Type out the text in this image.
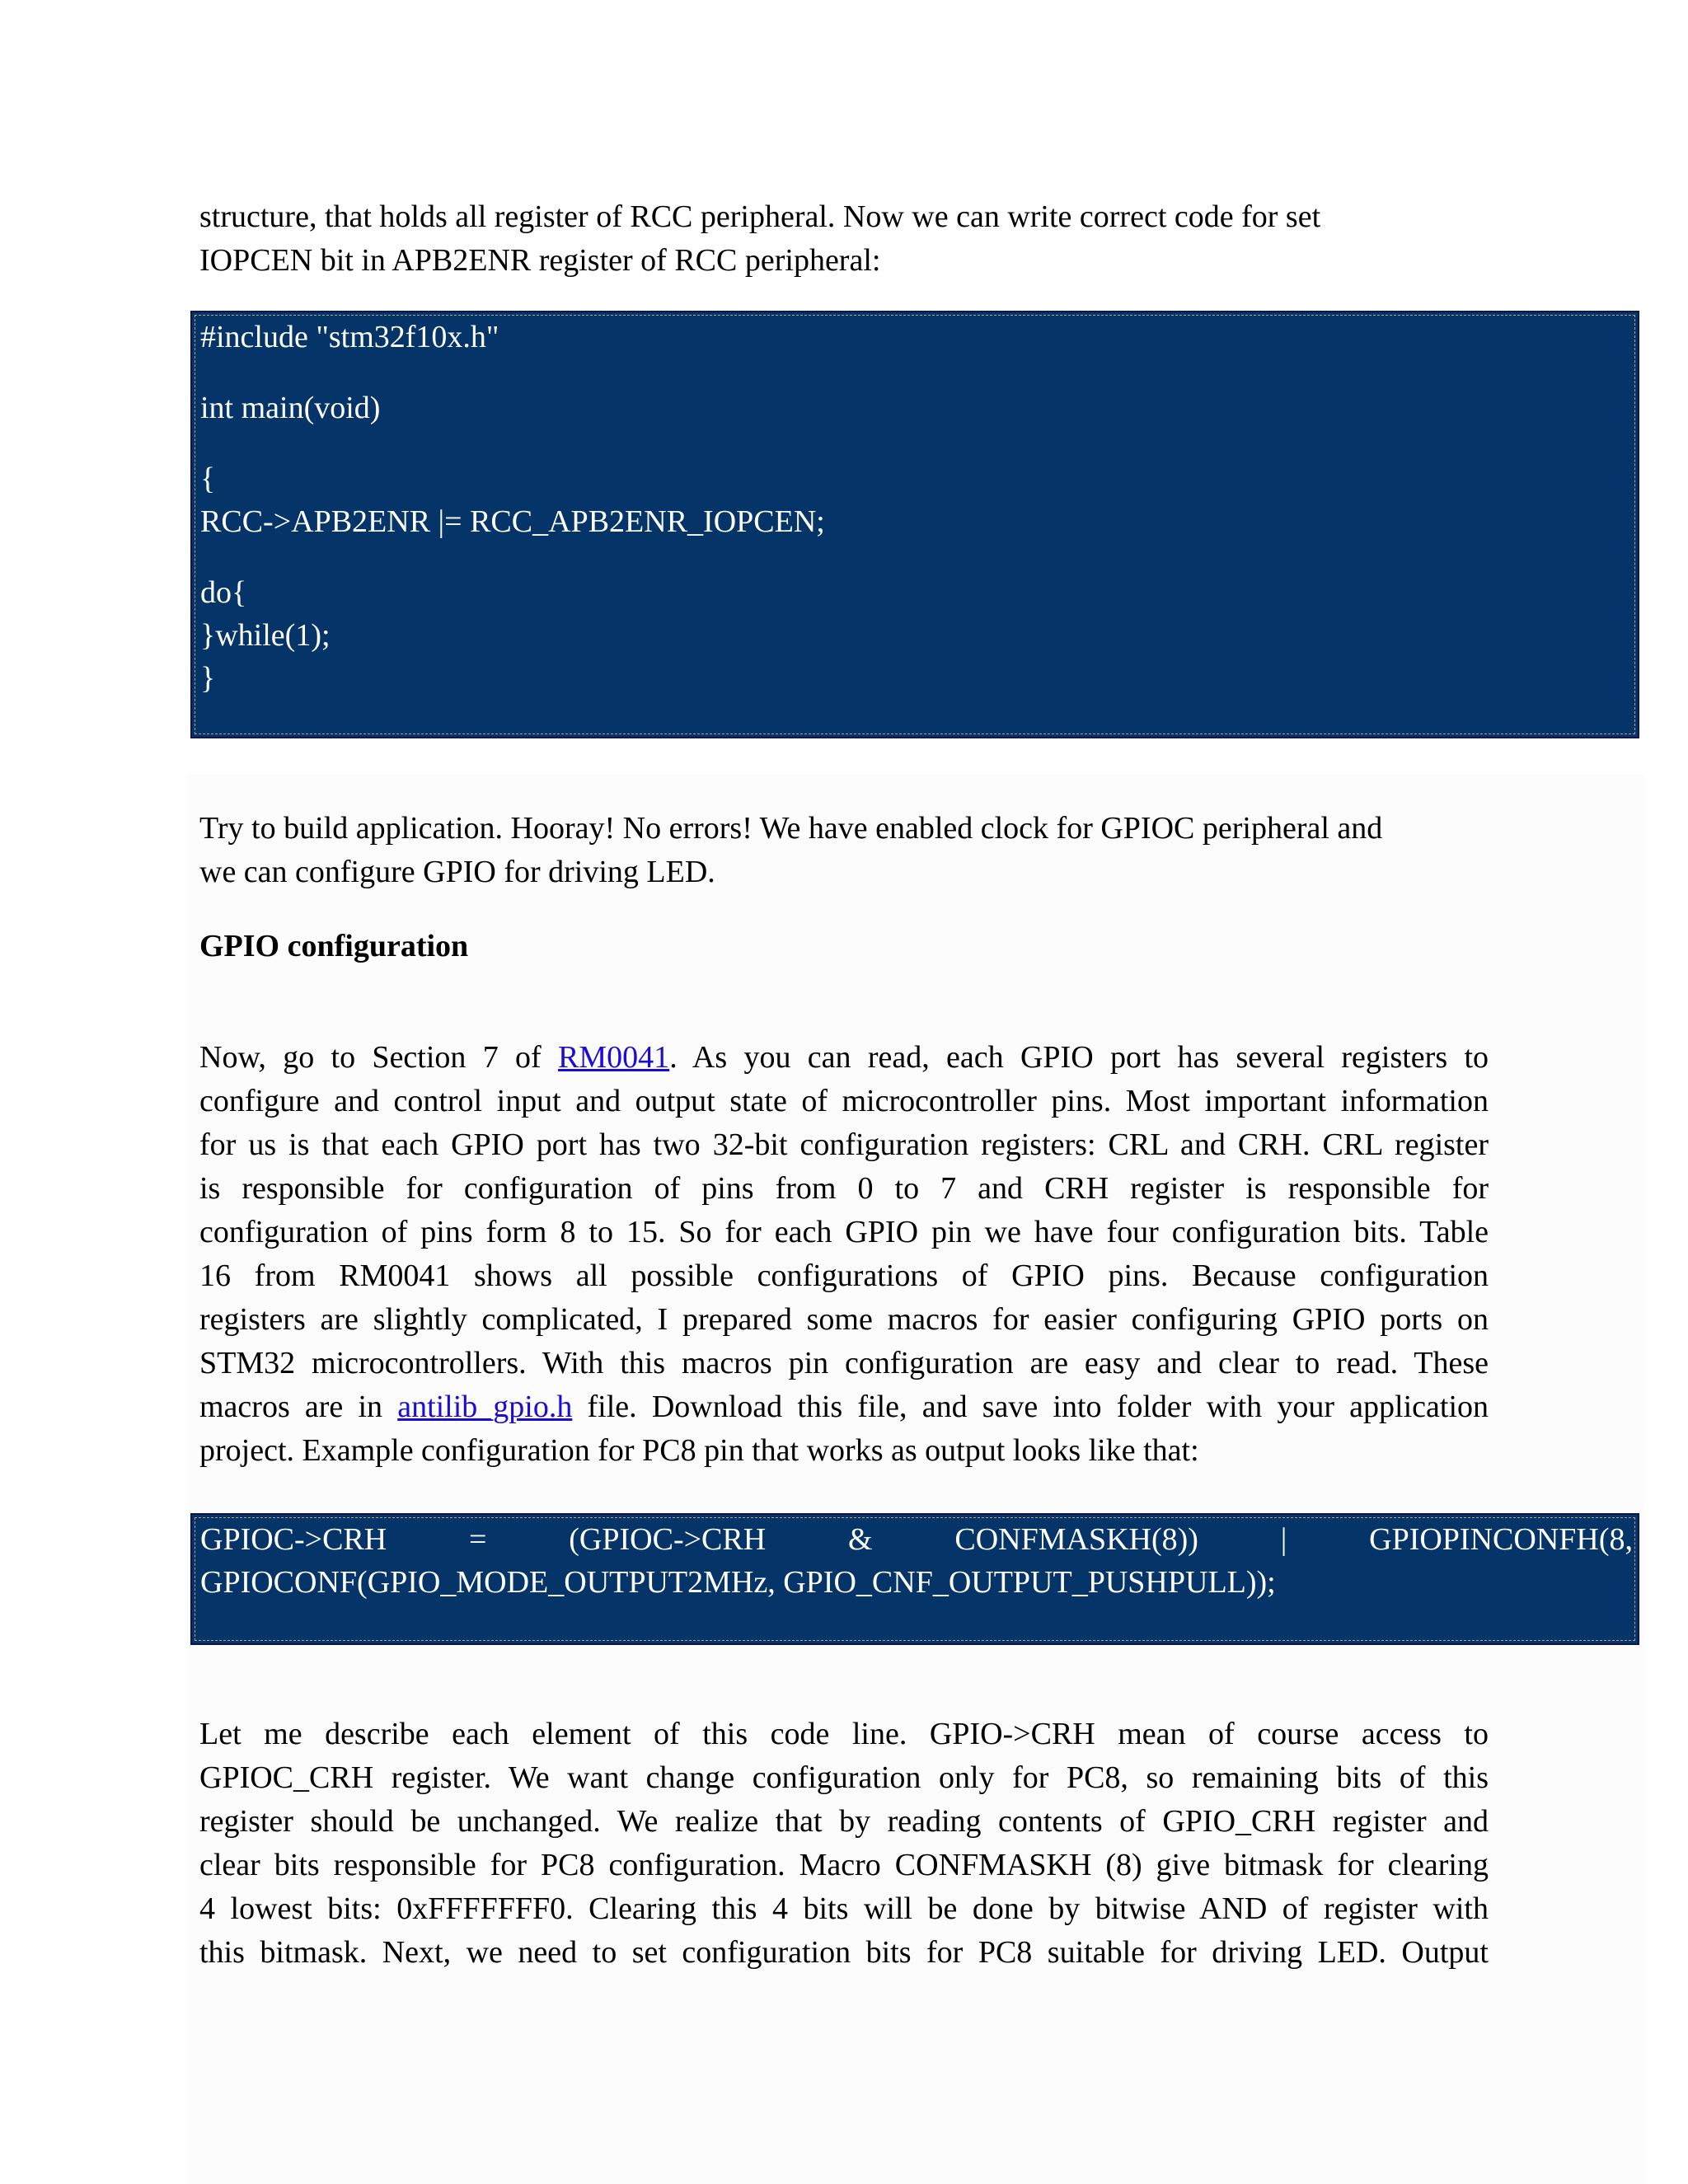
structure, that holds all register of RCC peripheral. Now we can write correct code for set
IOPCEN bit in APB2ENR register of RCC peripheral:

#include "stm32f10x.h"
int main(void)
{
RCC->APB2ENR |= RCC_APB2ENR_IOPCEN;
do{
}while(1);
}

Try to build application. Hooray! No errors! We have enabled clock for GPIOC peripheral and
we can configure GPIO for driving LED.

GPIO configuration
Now, go to Section 7 of RM0041. As you can read, each GPIO port has several registers to
configure and control input and output state of microcontroller pins. Most important information
for us is that each GPIO port has two 32-bit configuration registers: CRL and CRH. CRL register
is responsible for configuration of pins from 0 to 7 and CRH register is responsible for
configuration of pins form 8 to 15. So for each GPIO pin we have four configuration bits. Table
16 from RM0041 shows all possible configurations of GPIO pins. Because configuration
registers are slightly complicated, I prepared some macros for easier configuring GPIO ports on
STM32 microcontrollers. With this macros pin configuration are easy and clear to read. These
macros are in antilib_gpio.h file. Download this file, and save into folder with your application
project. Example configuration for PC8 pin that works as output looks like that:
GPIOC->CRH	=	(GPIOC->CRH	&	CONFMASKH(8))	|	GPIOPINCONFH(8,
GPIOCONF(GPIO_MODE_OUTPUT2MHz, GPIO_CNF_OUTPUT_PUSHPULL));
Let me describe each element of this code line. GPIO->CRH mean of course access to
GPIOC_CRH register. We want change configuration only for PC8, so remaining bits of this
register should be unchanged. We realize that by reading contents of GPIO_CRH register and
clear bits responsible for PC8 configuration. Macro CONFMASKH (8) give bitmask for clearing
4 lowest bits: 0xFFFFFFF0. Clearing this 4 bits will be done by bitwise AND of register with
this bitmask. Next, we need to set configuration bits for PC8 suitable for driving LED. Output
